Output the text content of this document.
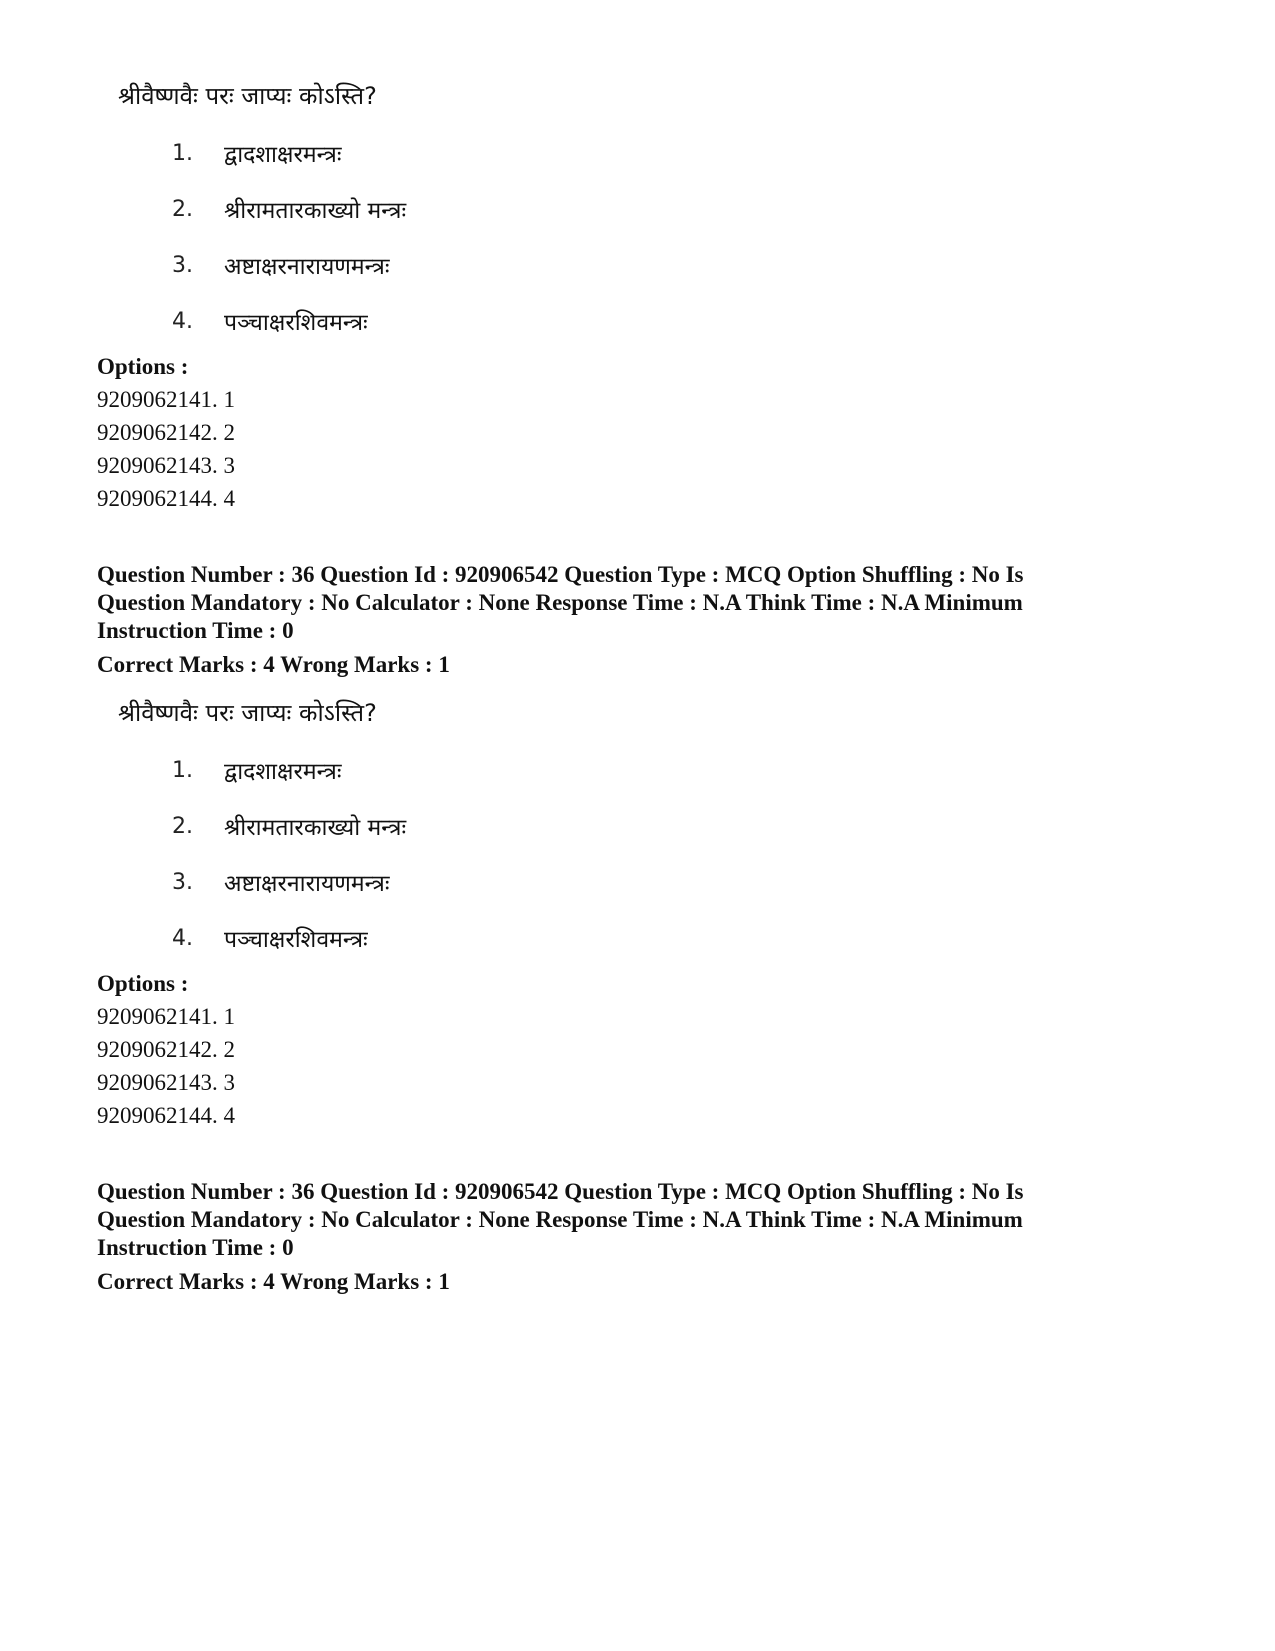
श्रीवैष्णवैः परः जाप्यः कोऽस्ति?
1.	द्वादशाक्षरमन्त्रः
2.	श्रीरामतारकाख्यो मन्त्रः
3.	अष्टाक्षरनारायणमन्त्रः
4.	पञ्चाक्षरशिवमन्त्रः
Options :
9209062141. 1
9209062142. 2
9209062143. 3
9209062144. 4
Question Number : 36 Question Id : 920906542 Question Type : MCQ Option Shuffling : No Is
Question Mandatory : No Calculator : None Response Time : N.A Think Time : N.A Minimum
Instruction Time : 0
Correct Marks : 4 Wrong Marks : 1
श्रीवैष्णवैः परः जाप्यः कोऽस्ति?
1.	द्वादशाक्षरमन्त्रः
2.	श्रीरामतारकाख्यो मन्त्रः
3.	अष्टाक्षरनारायणमन्त्रः
4.	पञ्चाक्षरशिवमन्त्रः
Options :
9209062141. 1
9209062142. 2
9209062143. 3
9209062144. 4
Question Number : 36 Question Id : 920906542 Question Type : MCQ Option Shuffling : No Is
Question Mandatory : No Calculator : None Response Time : N.A Think Time : N.A Minimum
Instruction Time : 0
Correct Marks : 4 Wrong Marks : 1
